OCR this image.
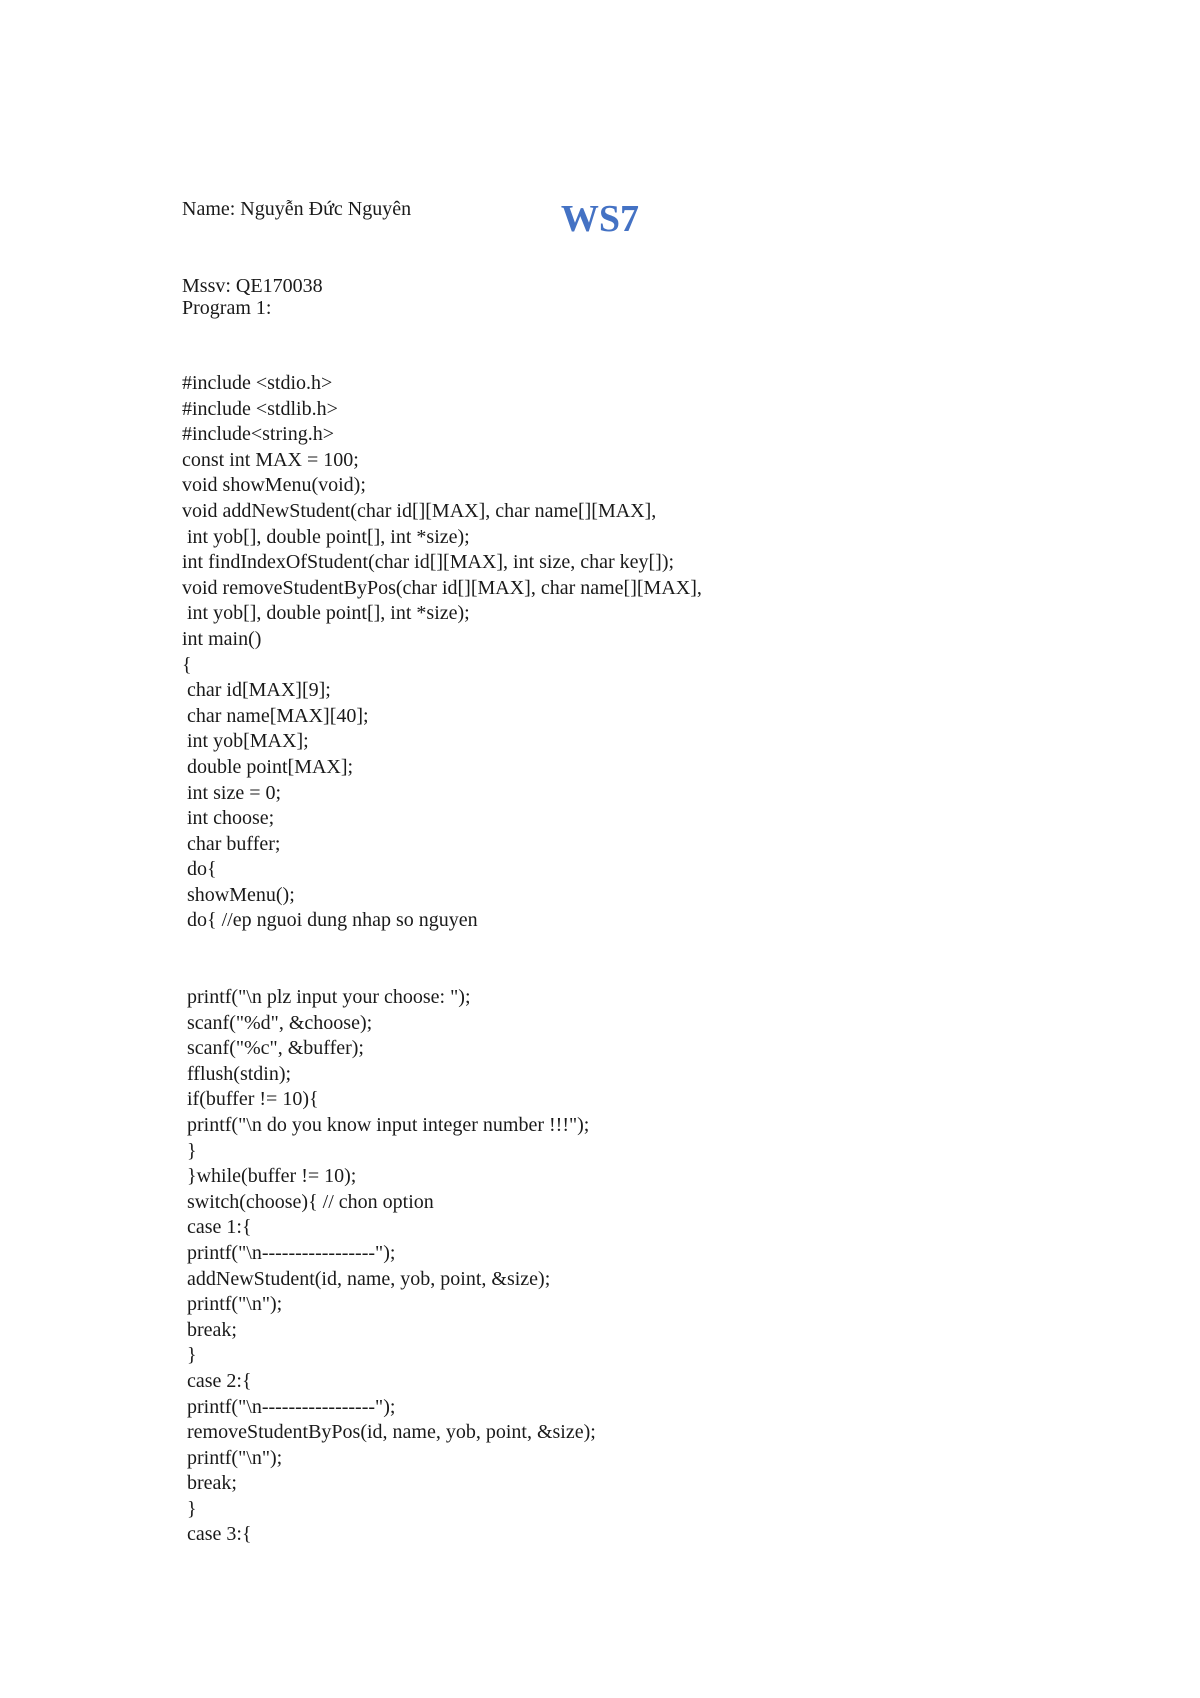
Name: Nguyễn Đức Nguyên

Mssv: QE170038

WS7
Program 1:
#include <stdio.h>
#include <stdlib.h>
#include<string.h>
const int MAX = 100;
void showMenu(void);
void addNewStudent(char id[][MAX], char name[][MAX],
int yob[], double point[], int *size);
int findIndexOfStudent(char id[][MAX], int size, char key[]);
void removeStudentByPos(char id[][MAX], char name[][MAX],
int yob[], double point[], int *size);
int main()
{
char id[MAX][9];
char name[MAX][40];
int yob[MAX];
double point[MAX];
int size = 0;
int choose;
char buffer;
do{
showMenu();
do{ //ep nguoi dung nhap so nguyen
printf("\n plz input your choose: ");
scanf("%d", &choose);
scanf("%c", &buffer);
fflush(stdin);
if(buffer != 10){
printf("\n do you know input integer number !!!");
}
}while(buffer != 10);
switch(choose){ // chon option
case 1:{
printf("\n-----------------");
addNewStudent(id, name, yob, point, &size);
printf("\n");
break;
}
case 2:{
printf("\n-----------------");
removeStudentByPos(id, name, yob, point, &size);
printf("\n");
break;
}
case 3:{
